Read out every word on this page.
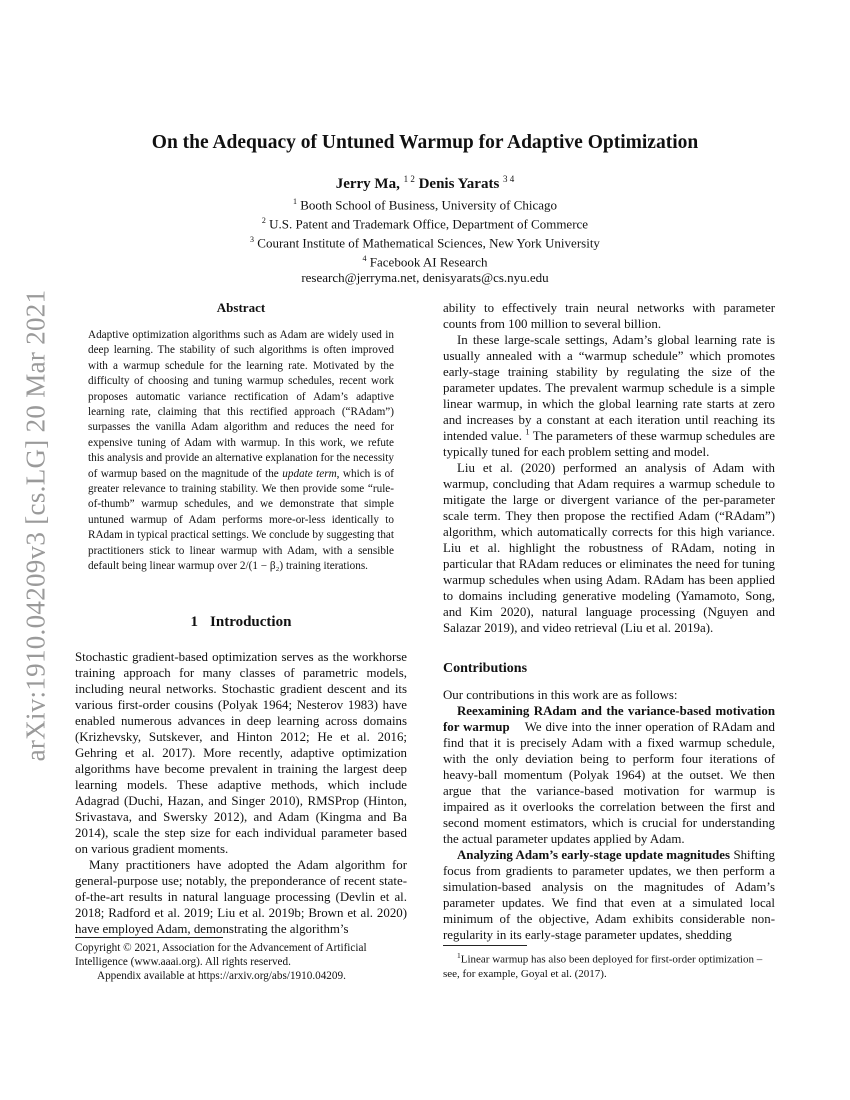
arXiv:1910.04209v3 [cs.LG] 20 Mar 2021
On the Adequacy of Untuned Warmup for Adaptive Optimization
Jerry Ma, $^{1 2}$ Denis Yarats $^{3 4}$
$^1$ Booth School of Business, University of Chicago
$^2$ U.S. Patent and Trademark Office, Department of Commerce
$^3$ Courant Institute of Mathematical Sciences, New York University
$^4$ Facebook AI Research
research@jerryma.net, denisyarats@cs.nyu.edu
Abstract
Adaptive optimization algorithms such as Adam are widely used in deep learning. The stability of such algorithms is often improved with a warmup schedule for the learning rate. Motivated by the difficulty of choosing and tuning warmup schedules, recent work proposes automatic variance rectification of Adam’s adaptive learning rate, claiming that this rectified approach (“RAdam”) surpasses the vanilla Adam algorithm and reduces the need for expensive tuning of Adam with warmup. In this work, we refute this analysis and provide an alternative explanation for the necessity of warmup based on the magnitude of the update term, which is of greater relevance to training stability. We then provide some “rule-of-thumb” warmup schedules, and we demonstrate that simple untuned warmup of Adam performs more-or-less identically to RAdam in typical practical settings. We conclude by suggesting that practitioners stick to linear warmup with Adam, with a sensible default being linear warmup over 2/(1 − β₂) training iterations.
1 Introduction

Stochastic gradient-based optimization serves as the workhorse training approach for many classes of parametric models, including neural networks. Stochastic gradient descent and its various first-order cousins (Polyak 1964; Nesterov 1983) have enabled numerous advances in deep learning across domains (Krizhevsky, Sutskever, and Hinton 2012; He et al. 2016; Gehring et al. 2017). More recently, adaptive optimization algorithms have become prevalent in training the largest deep learning models. These adaptive methods, which include Adagrad (Duchi, Hazan, and Singer 2010), RMSProp (Hinton, Srivastava, and Swersky 2012), and Adam (Kingma and Ba 2014), scale the step size for each individual parameter based on various gradient moments.

Many practitioners have adopted the Adam algorithm for general-purpose use; notably, the preponderance of recent state-of-the-art results in natural language processing (Devlin et al. 2018; Radford et al. 2019; Liu et al. 2019b; Brown et al. 2020) have employed Adam, demonstrating the algorithm’s

Copyright © 2021, Association for the Advancement of Artificial Intelligence (www.aaai.org). All rights reserved.
Appendix available at https://arxiv.org/abs/1910.04209.

ability to effectively train neural networks with parameter counts from 100 million to several billion.

In these large-scale settings, Adam’s global learning rate is usually annealed with a “warmup schedule” which promotes early-stage training stability by regulating the size of the parameter updates. The prevalent warmup schedule is a simple linear warmup, in which the global learning rate starts at zero and increases by a constant at each iteration until reaching its intended value. $^1$ The parameters of these warmup schedules are typically tuned for each problem setting and model.

Liu et al. (2020) performed an analysis of Adam with warmup, concluding that Adam requires a warmup schedule to mitigate the large or divergent variance of the per-parameter scale term. They then propose the rectified Adam (“RAdam”) algorithm, which automatically corrects for this high variance. Liu et al. highlight the robustness of RAdam, noting in particular that RAdam reduces or eliminates the need for tuning warmup schedules when using Adam. RAdam has been applied to domains including generative modeling (Yamamoto, Song, and Kim 2020), natural language processing (Nguyen and Salazar 2019), and video retrieval (Liu et al. 2019a).

Contributions

Our contributions in this work are as follows:

Reexamining RAdam and the variance-based motivation for warmup We dive into the inner operation of RAdam and find that it is precisely Adam with a fixed warmup schedule, with the only deviation being to perform four iterations of heavy-ball momentum (Polyak 1964) at the outset. We then argue that the variance-based motivation for warmup is impaired as it overlooks the correlation between the first and second moment estimators, which is crucial for understanding the actual parameter updates applied by Adam.

Analyzing Adam’s early-stage update magnitudes Shifting focus from gradients to parameter updates, we then perform a simulation-based analysis on the magnitudes of Adam’s parameter updates. We find that even at a simulated local minimum of the objective, Adam exhibits considerable non-regularity in its early-stage parameter updates, shedding

$^1$Linear warmup has also been deployed for first-order optimization – see, for example, Goyal et al. (2017).
